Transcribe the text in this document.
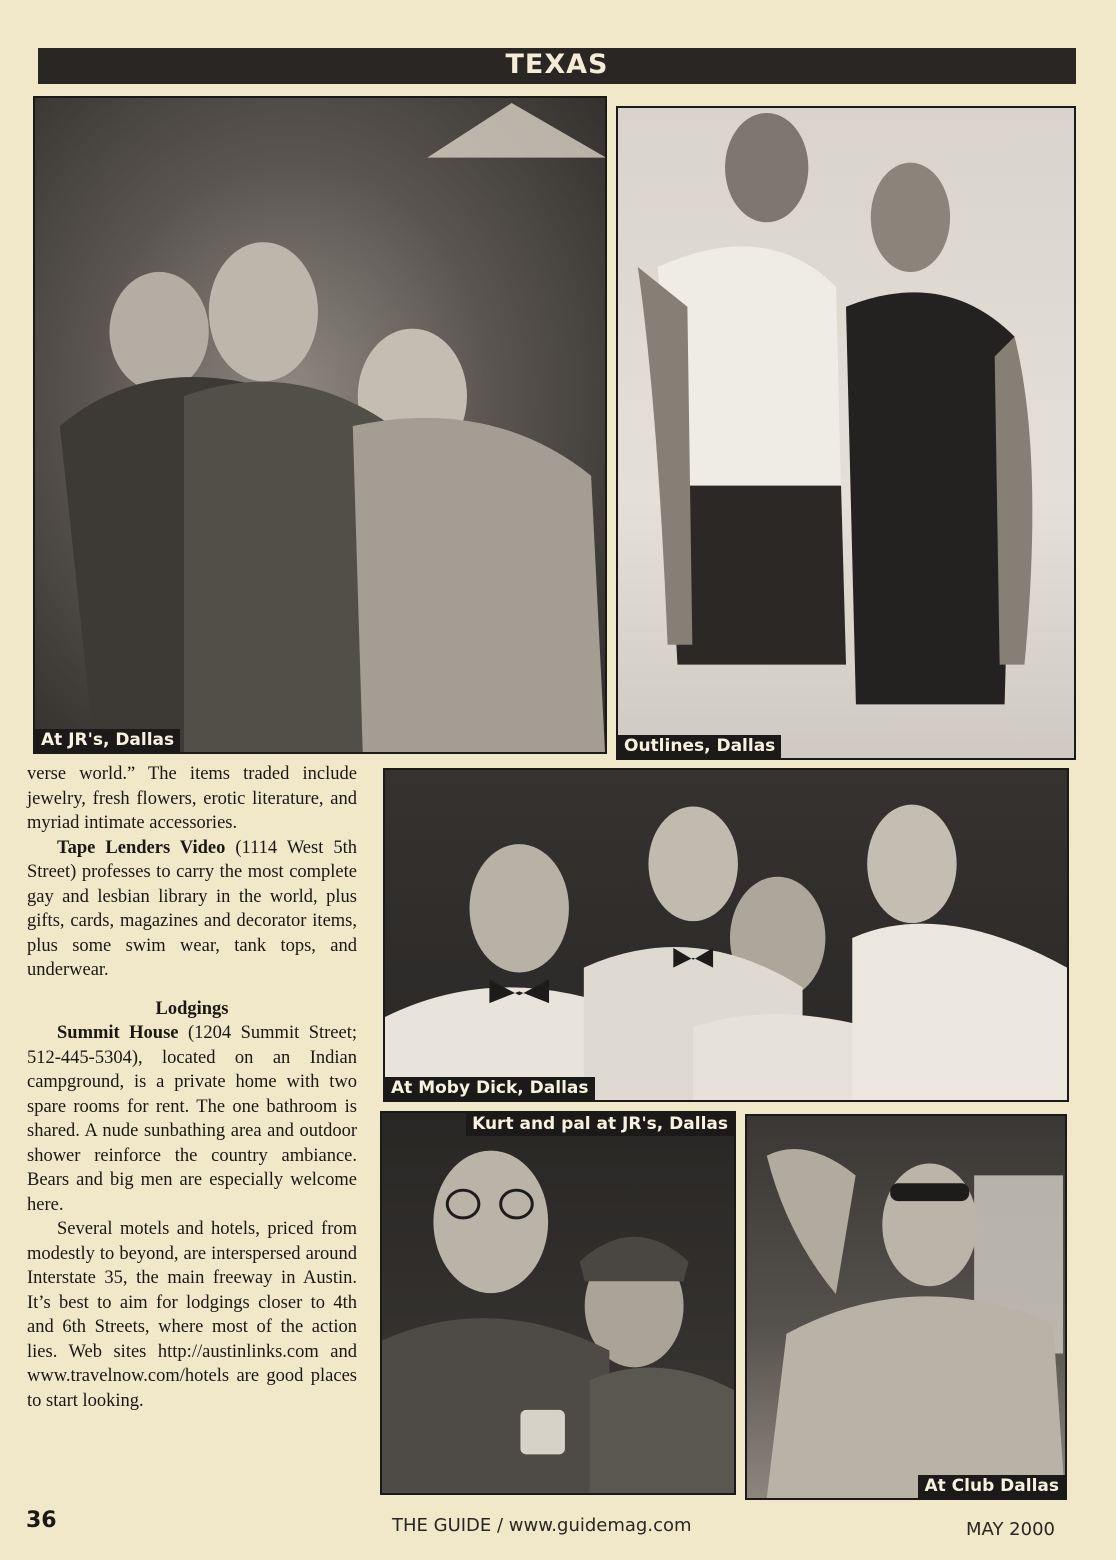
TEXAS
At JR's, Dallas	Outlines, Dallas
At Moby Dick, Dallas
Kurt and pal at JR's, Dallas
At Club Dallas

verse world.” The items traded include jewelry, fresh flowers, erotic literature, and myriad intimate accessories.

Tape Lenders Video (1114 West 5th Street) professes to carry the most complete gay and lesbian library in the world, plus gifts, cards, magazines and decorator items, plus some swim wear, tank tops, and underwear.

Lodgings

Summit House (1204 Summit Street; 512-445-5304), located on an Indian campground, is a private home with two spare rooms for rent. The one bathroom is shared. A nude sunbathing area and outdoor shower reinforce the country ambiance. Bears and big men are especially welcome here.

Several motels and hotels, priced from modestly to beyond, are interspersed around Interstate 35, the main freeway in Austin. It’s best to aim for lodgings closer to 4th and 6th Streets, where most of the action lies. Web sites http://austinlinks.com and www.travelnow.com/hotels are good places to start looking.

36	THE GUIDE / www.guidemag.com	MAY 2000
